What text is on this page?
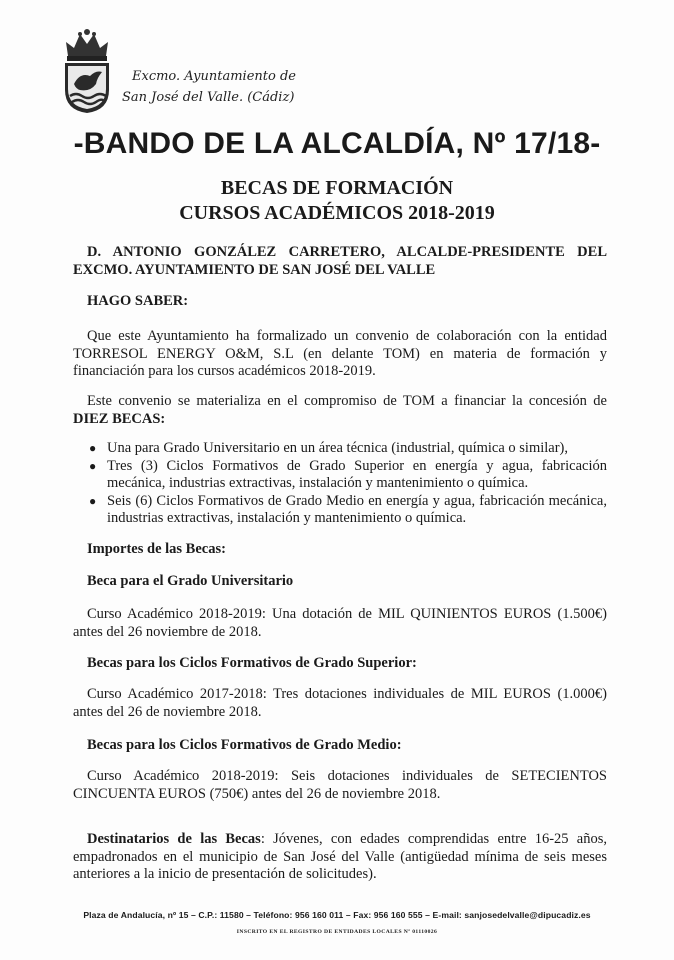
Excmo. Ayuntamiento de
San José del Valle. (Cádiz)
-BANDO DE LA ALCALDÍA, Nº 17/18-
BECAS DE FORMACIÓN
CURSOS ACADÉMICOS 2018-2019
D. ANTONIO GONZÁLEZ CARRETERO, ALCALDE-PRESIDENTE DEL
EXCMO. AYUNTAMIENTO DE SAN JOSÉ DEL VALLE
HAGO SABER:
Que este Ayuntamiento ha formalizado un convenio de colaboración con la entidad TORRESOL ENERGY O&M, S.L (en delante TOM) en materia de formación y financiación para los cursos académicos 2018-2019.
Este convenio se materializa en el compromiso de TOM a financiar la concesión de DIEZ BECAS:
● Una para Grado Universitario en un área técnica (industrial, química o similar),
● Tres (3) Ciclos Formativos de Grado Superior en energía y agua, fabricación mecánica, industrias extractivas, instalación y mantenimiento o química.
● Seis (6) Ciclos Formativos de Grado Medio en energía y agua, fabricación mecánica, industrias extractivas, instalación y mantenimiento o química.
Importes de las Becas:
Beca para el Grado Universitario
Curso Académico 2018-2019: Una dotación de MIL QUINIENTOS EUROS (1.500€) antes del 26 noviembre de 2018.
Becas para los Ciclos Formativos de Grado Superior:
Curso Académico 2017-2018: Tres dotaciones individuales de MIL EUROS (1.000€) antes del 26 de noviembre 2018.
Becas para los Ciclos Formativos de Grado Medio:
Curso Académico 2018-2019: Seis dotaciones individuales de SETECIENTOS CINCUENTA EUROS (750€) antes del 26 de noviembre 2018.
Destinatarios de las Becas: Jóvenes, con edades comprendidas entre 16-25 años, empadronados en el municipio de San José del Valle (antigüedad mínima de seis meses anteriores a la inicio de presentación de solicitudes).
Plaza de Andalucía, nº 15 – C.P.: 11580 – Teléfono: 956 160 011 – Fax: 956 160 555 – E-mail: sanjosedelvalle@dipucadiz.es
INSCRITO EN EL REGISTRO DE ENTIDADES LOCALES Nº 01110026
